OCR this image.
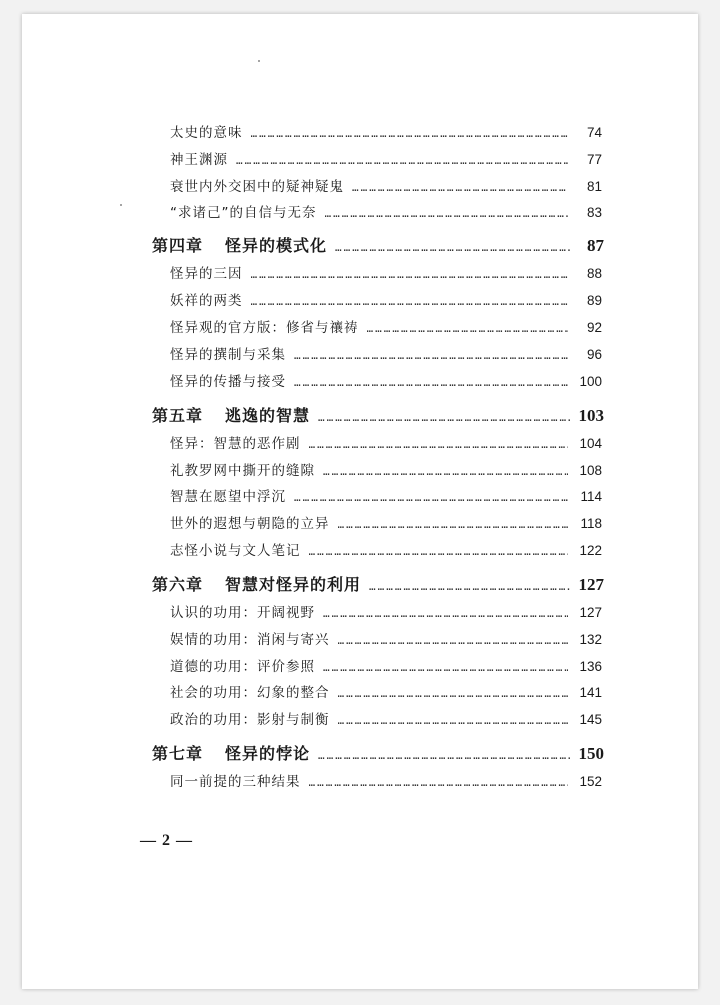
太史的意味 …………………………………………………………………………………………………………………………………………	74
神王渊源 …………………………………………………………………………………………………………………………………………	77
衰世内外交困中的疑神疑鬼 …………………………………………………………………………………………………………………………………………	81
“求诸己”的自信与无奈 …………………………………………………………………………………………………………………………………………	83
第四章 怪异的模式化 …………………………………………………………………………………………………………………………………………	87
怪异的三因 …………………………………………………………………………………………………………………………………………	88
妖祥的两类 …………………………………………………………………………………………………………………………………………	89
怪异观的官方版：修省与禳祷 …………………………………………………………………………………………………………………………………………	92
怪异的撰制与采集 …………………………………………………………………………………………………………………………………………	96
怪异的传播与接受 …………………………………………………………………………………………………………………………………………	100
第五章 逃逸的智慧 …………………………………………………………………………………………………………………………………………	103
怪异：智慧的恶作剧 …………………………………………………………………………………………………………………………………………	104
礼教罗网中撕开的缝隙 …………………………………………………………………………………………………………………………………………	108
智慧在愿望中浮沉 …………………………………………………………………………………………………………………………………………	114
世外的遐想与朝隐的立异 …………………………………………………………………………………………………………………………………………	118
志怪小说与文人笔记 …………………………………………………………………………………………………………………………………………	122
第六章 智慧对怪异的利用 …………………………………………………………………………………………………………………………………………	127
认识的功用：开阔视野 …………………………………………………………………………………………………………………………………………	127
娱情的功用：消闲与寄兴 …………………………………………………………………………………………………………………………………………	132
道德的功用：评价参照 …………………………………………………………………………………………………………………………………………	136
社会的功用：幻象的整合 …………………………………………………………………………………………………………………………………………	141
政治的功用：影射与制衡 …………………………………………………………………………………………………………………………………………	145
第七章 怪异的悖论 …………………………………………………………………………………………………………………………………………	150
同一前提的三种结果 …………………………………………………………………………………………………………………………………………	152
— 2 —
